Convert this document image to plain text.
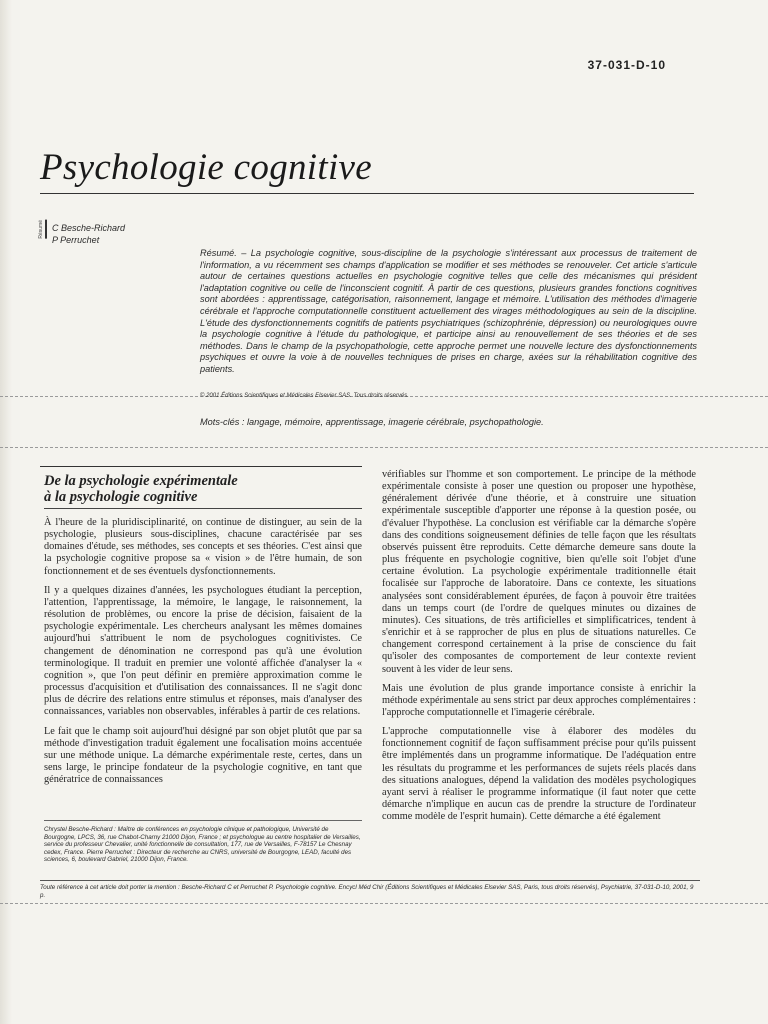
37-031-D-10
Psychologie cognitive
Résumé C Besche-Richard
P Perruchet
Résumé. – La psychologie cognitive, sous-discipline de la psychologie s'intéressant aux processus de traitement de l'information, a vu récemment ses champs d'application se modifier et ses méthodes se renouveler. Cet article s'articule autour de certaines questions actuelles en psychologie cognitive telles que celle des mécanismes qui président l'adaptation cognitive ou celle de l'inconscient cognitif. À partir de ces questions, plusieurs grandes fonctions cognitives sont abordées : apprentissage, catégorisation, raisonnement, langage et mémoire. L'utilisation des méthodes d'imagerie cérébrale et l'approche computationnelle constituent actuellement des virages méthodologiques au sein de la discipline. L'étude des dysfonctionnements cognitifs de patients psychiatriques (schizophrénie, dépression) ou neurologiques ouvre la psychologie cognitive à l'étude du pathologique, et participe ainsi au renouvellement de ses théories et de ses méthodes. Dans le champ de la psychopathologie, cette approche permet une nouvelle lecture des dysfonctionnements psychiques et ouvre la voie à de nouvelles techniques de prises en charge, axées sur la réhabilitation cognitive des patients.
© 2001 Éditions Scientifiques et Médicales Elsevier SAS. Tous droits réservés.
Mots-clés : langage, mémoire, apprentissage, imagerie cérébrale, psychopathologie.
De la psychologie expérimentale
à la psychologie cognitive

À l'heure de la pluridisciplinarité, on continue de distinguer, au sein de la psychologie, plusieurs sous-disciplines, chacune caractérisée par ses domaines d'étude, ses méthodes, ses concepts et ses théories. C'est ainsi que la psychologie cognitive propose sa « vision » de l'être humain, de son fonctionnement et de ses éventuels dysfonctionnements.

Il y a quelques dizaines d'années, les psychologues étudiant la perception, l'attention, l'apprentissage, la mémoire, le langage, le raisonnement, la résolution de problèmes, ou encore la prise de décision, faisaient de la psychologie expérimentale. Les chercheurs analysant les mêmes domaines aujourd'hui s'attribuent le nom de psychologues cognitivistes. Ce changement de dénomination ne correspond pas qu'à une évolution terminologique. Il traduit en premier une volonté affichée d'analyser la « cognition », que l'on peut définir en première approximation comme le processus d'acquisition et d'utilisation des connaissances. Il ne s'agit donc plus de décrire des relations entre stimulus et réponses, mais d'analyser des connaissances, variables non observables, inférables à partir de ces relations.

Le fait que le champ soit aujourd'hui désigné par son objet plutôt que par sa méthode d'investigation traduit également une focalisation moins accentuée sur une méthode unique. La démarche expérimentale reste, certes, dans un sens large, le principe fondateur de la psychologie cognitive, en tant que génératrice de connaissances

vérifiables sur l'homme et son comportement. Le principe de la méthode expérimentale consiste à poser une question ou proposer une hypothèse, généralement dérivée d'une théorie, et à construire une situation expérimentale susceptible d'apporter une réponse à la question posée, ou d'évaluer l'hypothèse. La conclusion est vérifiable car la démarche s'opère dans des conditions soigneusement définies de telle façon que les résultats observés puissent être reproduits. Cette démarche demeure sans doute la plus fréquente en psychologie cognitive, bien qu'elle soit l'objet d'une certaine évolution. La psychologie expérimentale traditionnelle était focalisée sur l'approche de laboratoire. Dans ce contexte, les situations analysées sont considérablement épurées, de façon à pouvoir être traitées dans un temps court (de l'ordre de quelques minutes ou dizaines de minutes). Ces situations, de très artificielles et simplificatrices, tendent à s'enrichir et à se rapprocher de plus en plus de situations naturelles. Ce changement correspond certainement à la prise de conscience du fait qu'isoler des composantes de comportement de leur contexte revient souvent à les vider de leur sens.

Mais une évolution de plus grande importance consiste à enrichir la méthode expérimentale au sens strict par deux approches complémentaires : l'approche computationnelle et l'imagerie cérébrale.

L'approche computationnelle vise à élaborer des modèles du fonctionnement cognitif de façon suffisamment précise pour qu'ils puissent être implémentés dans un programme informatique. De l'adéquation entre les résultats du programme et les performances de sujets réels placés dans des situations analogues, dépend la validation des modèles psychologiques ayant servi à réaliser le programme informatique (il faut noter que cette démarche n'implique en aucun cas de prendre la structure de l'ordinateur comme modèle de l'esprit humain). Cette démarche a été également

Chrystel Besche-Richard : Maître de conférences en psychologie clinique et pathologique, Université de Bourgogne, LPCS, 36, rue Chabot-Charny 21000 Dijon, France ; et psychologue au centre hospitalier de Versailles, service du professeur Chevalier, unité fonctionnelle de consultation, 177, rue de Versailles, F-78157 Le Chesnay cedex, France. Pierre Perruchet : Directeur de recherche au CNRS, université de Bourgogne, LEAD, faculté des sciences, 6, boulevard Gabriel, 21000 Dijon, France.
Toute référence à cet article doit porter la mention : Besche-Richard C et Perruchet P. Psychologie cognitive. Encycl Méd Chir (Éditions Scientifiques et Médicales Elsevier SAS, Paris, tous droits réservés), Psychiatrie, 37-031-D-10, 2001, 9 p.
